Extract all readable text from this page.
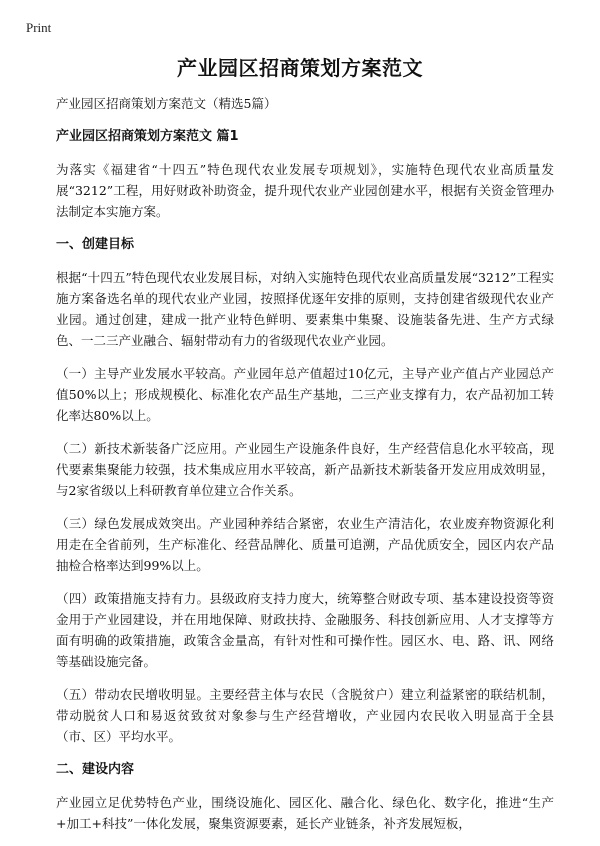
Print
产业园区招商策划方案范文

产业园区招商策划方案范文（精选5篇）

产业园区招商策划方案范文 篇1

为落实《福建省“十四五”特色现代农业发展专项规划》，实施特色现代农业高质量发展“3212”工程，用好财政补助资金，提升现代农业产业园创建水平，根据有关资金管理办法制定本实施方案。

一、创建目标

根据“十四五”特色现代农业发展目标，对纳入实施特色现代农业高质量发展“3212”工程实施方案备选名单的现代农业产业园，按照择优逐年安排的原则，支持创建省级现代农业产业园。通过创建，建成一批产业特色鲜明、要素集中集聚、设施装备先进、生产方式绿色、一二三产业融合、辐射带动有力的省级现代农业产业园。

（一）主导产业发展水平较高。产业园年总产值超过10亿元，主导产业产值占产业园总产值50%以上；形成规模化、标准化农产品生产基地，二三产业支撑有力，农产品初加工转化率达80%以上。

（二）新技术新装备广泛应用。产业园生产设施条件良好，生产经营信息化水平较高，现代要素集聚能力较强，技术集成应用水平较高，新产品新技术新装备开发应用成效明显，与2家省级以上科研教育单位建立合作关系。

（三）绿色发展成效突出。产业园种养结合紧密，农业生产清洁化，农业废弃物资源化利用走在全省前列，生产标准化、经营品牌化、质量可追溯，产品优质安全，园区内农产品抽检合格率达到99%以上。

（四）政策措施支持有力。县级政府支持力度大，统筹整合财政专项、基本建设投资等资金用于产业园建设，并在用地保障、财政扶持、金融服务、科技创新应用、人才支撑等方面有明确的政策措施，政策含金量高，有针对性和可操作性。园区水、电、路、讯、网络等基础设施完备。

（五）带动农民增收明显。主要经营主体与农民（含脱贫户）建立利益紧密的联结机制，带动脱贫人口和易返贫致贫对象参与生产经营增收，产业园内农民收入明显高于全县（市、区）平均水平。

二、建设内容

产业园立足优势特色产业，围绕设施化、园区化、融合化、绿色化、数字化，推进“生产+加工+科技”一体化发展，聚集资源要素，延长产业链条，补齐发展短板，
